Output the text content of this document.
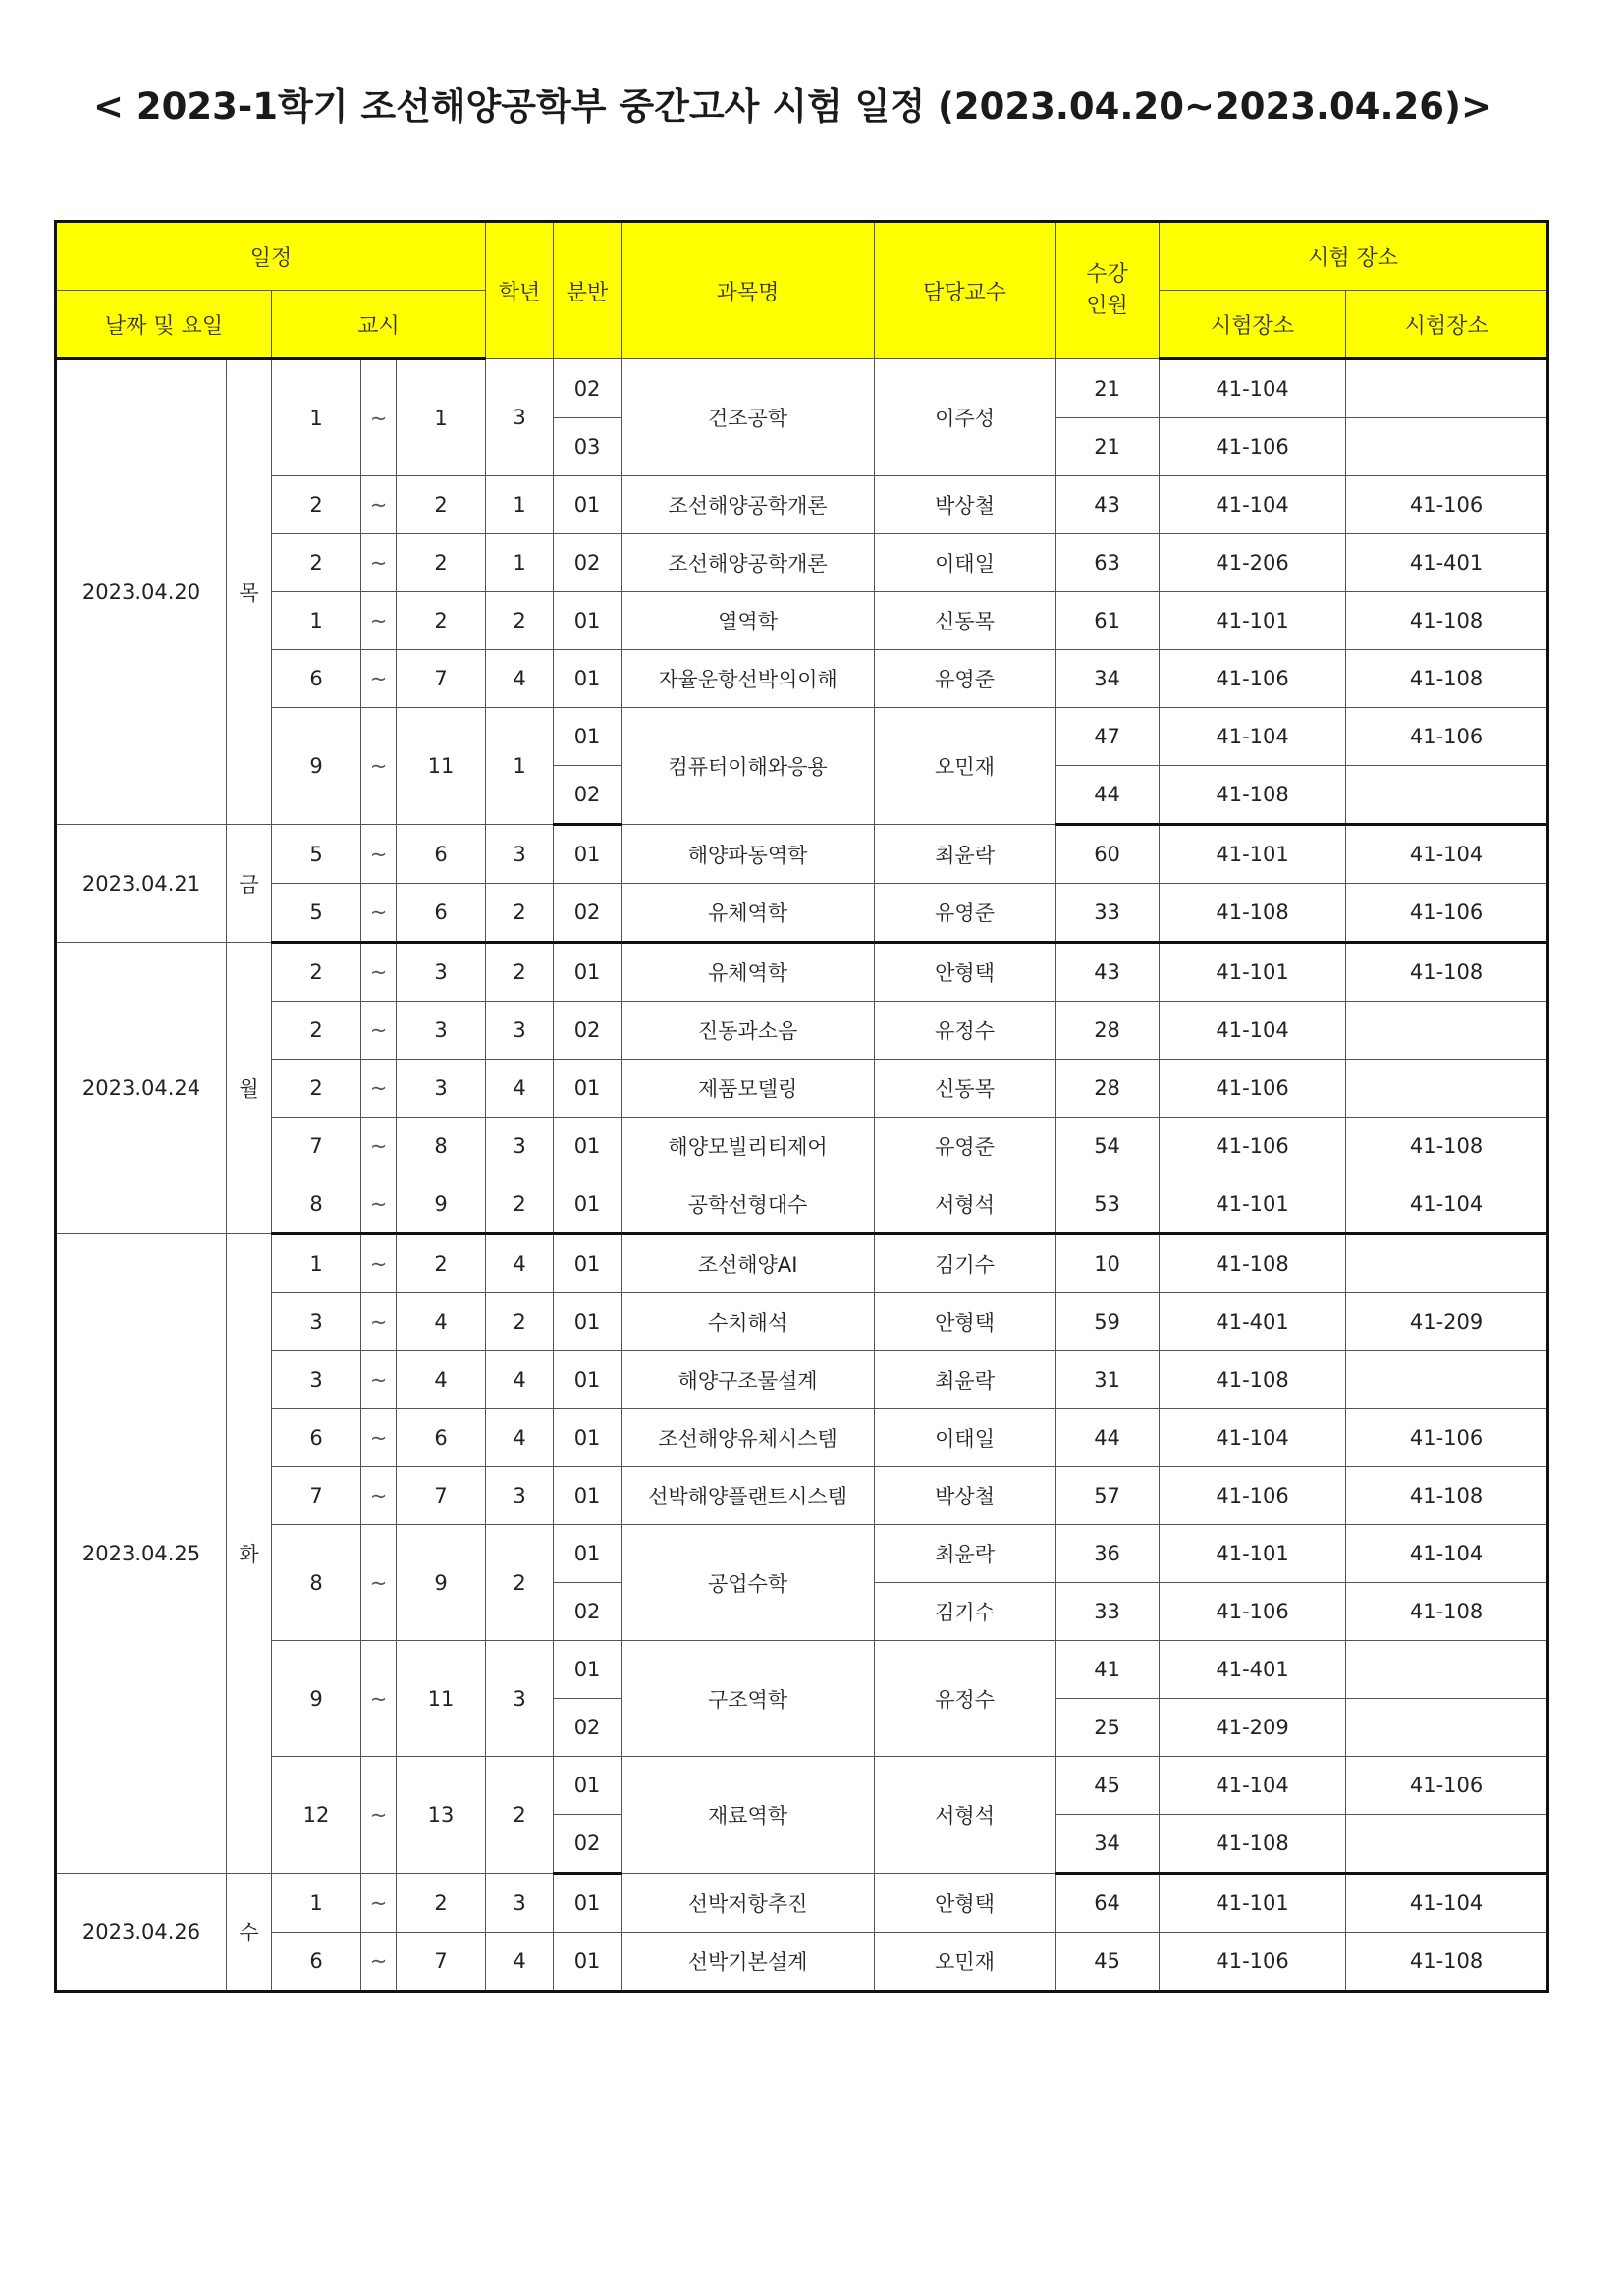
< 2023-1학기 조선해양공학부 중간고사 시험 일정 (2023.04.20~2023.04.26)>
일정					학년	분반	과목명	담당교수	수강
인원	시험 장소	
날짜 및 요일		교시								시험장소	시험장소
2023.04.20	목	1	~	1	3	02	건조공학	이주성	21	41-104	
						03			21	41-106	
		2	~	2	1	01	조선해양공학개론	박상철	43	41-104	41-106
		2	~	2	1	02	조선해양공학개론	이태일	63	41-206	41-401
		1	~	2	2	01	열역학	신동목	61	41-101	41-108
		6	~	7	4	01	자율운항선박의이해	유영준	34	41-106	41-108
		9	~	11	1	01	컴퓨터이해와응용	오민재	47	41-104	41-106
						02			44	41-108	
2023.04.21	금	5	~	6	3	01	해양파동역학	최윤락	60	41-101	41-104
		5	~	6	2	02	유체역학	유영준	33	41-108	41-106
2023.04.24	월	2	~	3	2	01	유체역학	안형택	43	41-101	41-108
		2	~	3	3	02	진동과소음	유정수	28	41-104	
		2	~	3	4	01	제품모델링	신동목	28	41-106	
		7	~	8	3	01	해양모빌리티제어	유영준	54	41-106	41-108
		8	~	9	2	01	공학선형대수	서형석	53	41-101	41-104
2023.04.25	화	1	~	2	4	01	조선해양AI	김기수	10	41-108	
		3	~	4	2	01	수치해석	안형택	59	41-401	41-209
		3	~	4	4	01	해양구조물설계	최윤락	31	41-108	
		6	~	6	4	01	조선해양유체시스템	이태일	44	41-104	41-106
		7	~	7	3	01	선박해양플랜트시스템	박상철	57	41-106	41-108
		8	~	9	2	01	공업수학	최윤락	36	41-101	41-104
						02		김기수	33	41-106	41-108
		9	~	11	3	01	구조역학	유정수	41	41-401	
						02			25	41-209	
		12	~	13	2	01	재료역학	서형석	45	41-104	41-106
						02			34	41-108	
2023.04.26	수	1	~	2	3	01	선박저항추진	안형택	64	41-101	41-104
		6	~	7	4	01	선박기본설계	오민재	45	41-106	41-108
